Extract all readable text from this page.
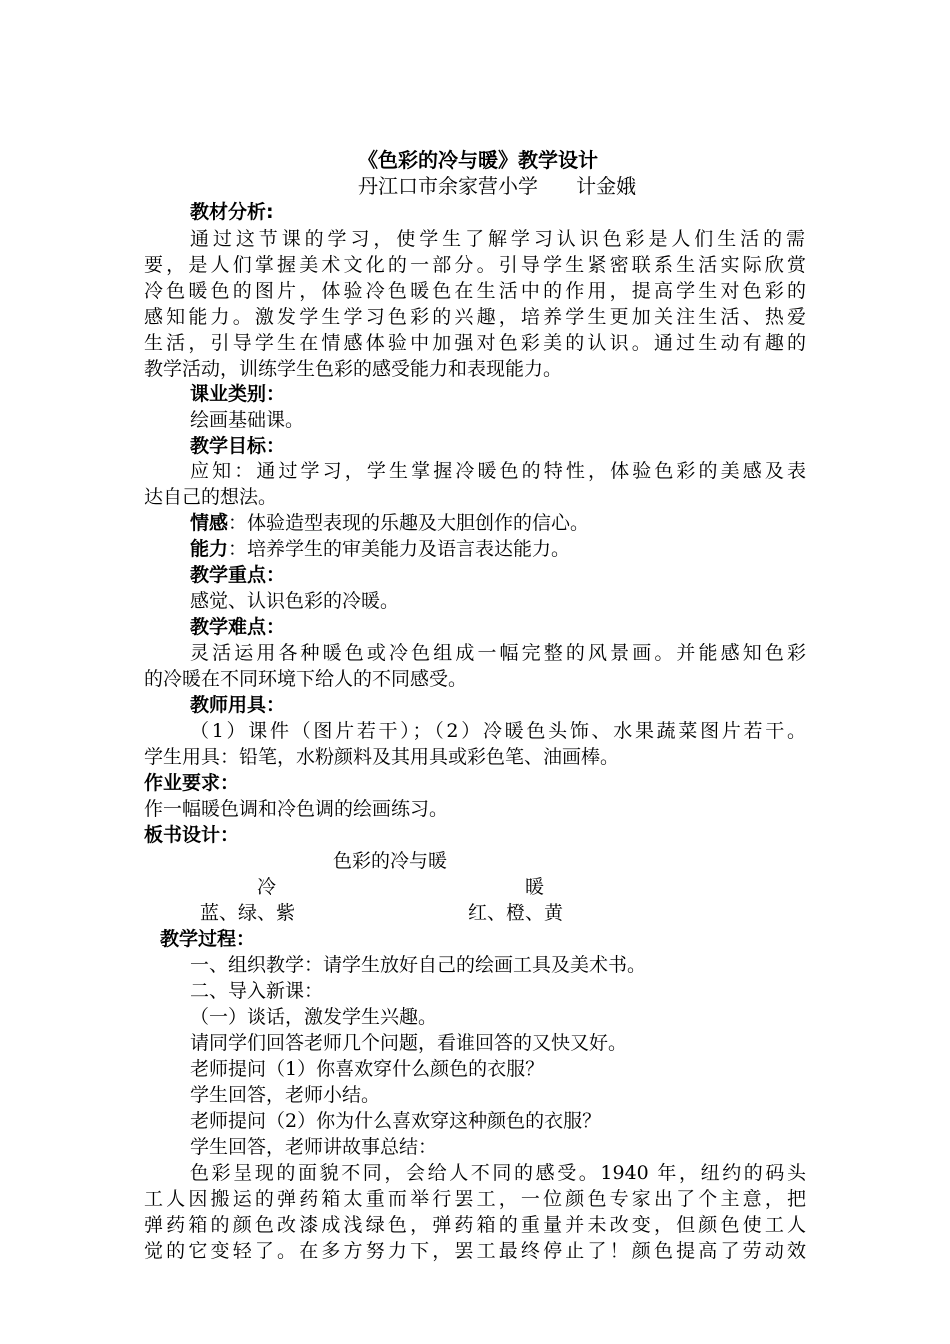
《色彩的冷与暖》教学设计
丹江口市余家营小学      计金娥
教材分析:
通过这节课的学习，使学生了解学习认识色彩是人们生活的需
要，是人们掌握美术文化的一部分。引导学生紧密联系生活实际欣赏
冷色暖色的图片，体验冷色暖色在生活中的作用，提高学生对色彩的
感知能力。激发学生学习色彩的兴趣，培养学生更加关注生活、热爱
生活，引导学生在情感体验中加强对色彩美的认识。通过生动有趣的
教学活动，训练学生色彩的感受能力和表现能力。
课业类别：
绘画基础课。
教学目标：
应知：通过学习，学生掌握冷暖色的特性，体验色彩的美感及表
达自己的想法。
情感：体验造型表现的乐趣及大胆创作的信心。
能力：培养学生的审美能力及语言表达能力。
教学重点：
感觉、认识色彩的冷暖。
教学难点：
灵活运用各种暖色或冷色组成一幅完整的风景画。并能感知色彩
的冷暖在不同环境下给人的不同感受。
教师用具：
（1）课件（图片若干）；（2）冷暖色头饰、水果蔬菜图片若干。
学生用具：铅笔，水粉颜料及其用具或彩色笔、油画棒。
作业要求：
作一幅暖色调和冷色调的绘画练习。
板书设计：
色彩的冷与暖
冷	暖
蓝、绿、紫	红、橙、黄
教学过程：
一、组织教学：请学生放好自己的绘画工具及美术书。
二、导入新课：
（一）谈话，激发学生兴趣。
请同学们回答老师几个问题，看谁回答的又快又好。
老师提问（1）你喜欢穿什么颜色的衣服？
学生回答，老师小结。
老师提问（2）你为什么喜欢穿这种颜色的衣服？
学生回答，老师讲故事总结：
色彩呈现的面貌不同，会给人不同的感受。1940 年，纽约的码头
工人因搬运的弹药箱太重而举行罢工，一位颜色专家出了个主意，把
弹药箱的颜色改漆成浅绿色，弹药箱的重量并未改变，但颜色使工人
觉的它变轻了。在多方努力下，罢工最终停止了！颜色提高了劳动效
